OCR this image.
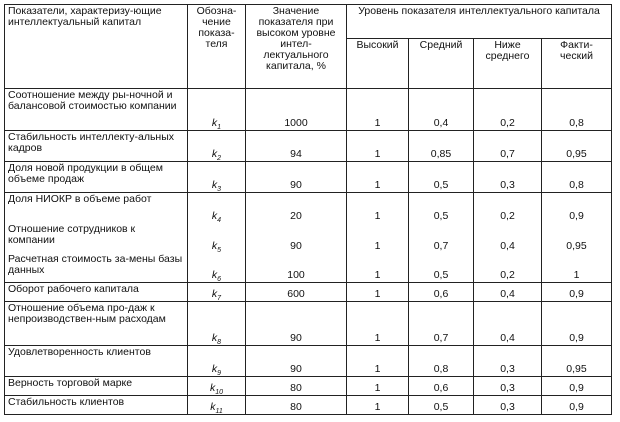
Показатели, характеризу-ющие интеллектуальный капитал	Обозна-чение показа-теля	Значение показателя при высоком уровне интел-лектуального капитала, %	Уровень показателя интеллектуального капитала			
			Высокий	Средний	Ниже среднего	Факти-ческий
Соотношение между ры-ночной и балансовой стоимостью компании	$k_1$	1000	1	0,4	0,2	0,8
Стабильность интеллекту-альных кадров	$k_2$	94	1	0,85	0,7	0,95
Доля новой продукции в общем объеме продаж	$k_3$	90	1	0,5	0,3	0,8
Доля НИОКР в объеме работ	$k_4$	20	1	0,5	0,2	0,9
Отношение сотрудников к компании	$k_5$	90	1	0,7	0,4	0,95
Расчетная стоимость за-мены базы данных	$k_6$	100	1	0,5	0,2	1
Оборот рабочего капитала	$k_7$	600	1	0,6	0,4	0,9
Отношение объема про-даж к непроизводствен-ным расходам	$k_8$	90	1	0,7	0,4	0,9
Удовлетворенность клиентов	$k_9$	90	1	0,8	0,3	0,95
Верность торговой марке	$k_{10}$	80	1	0,6	0,3	0,9
Стабильность клиентов	$k_{11}$	80	1	0,5	0,3	0,9
